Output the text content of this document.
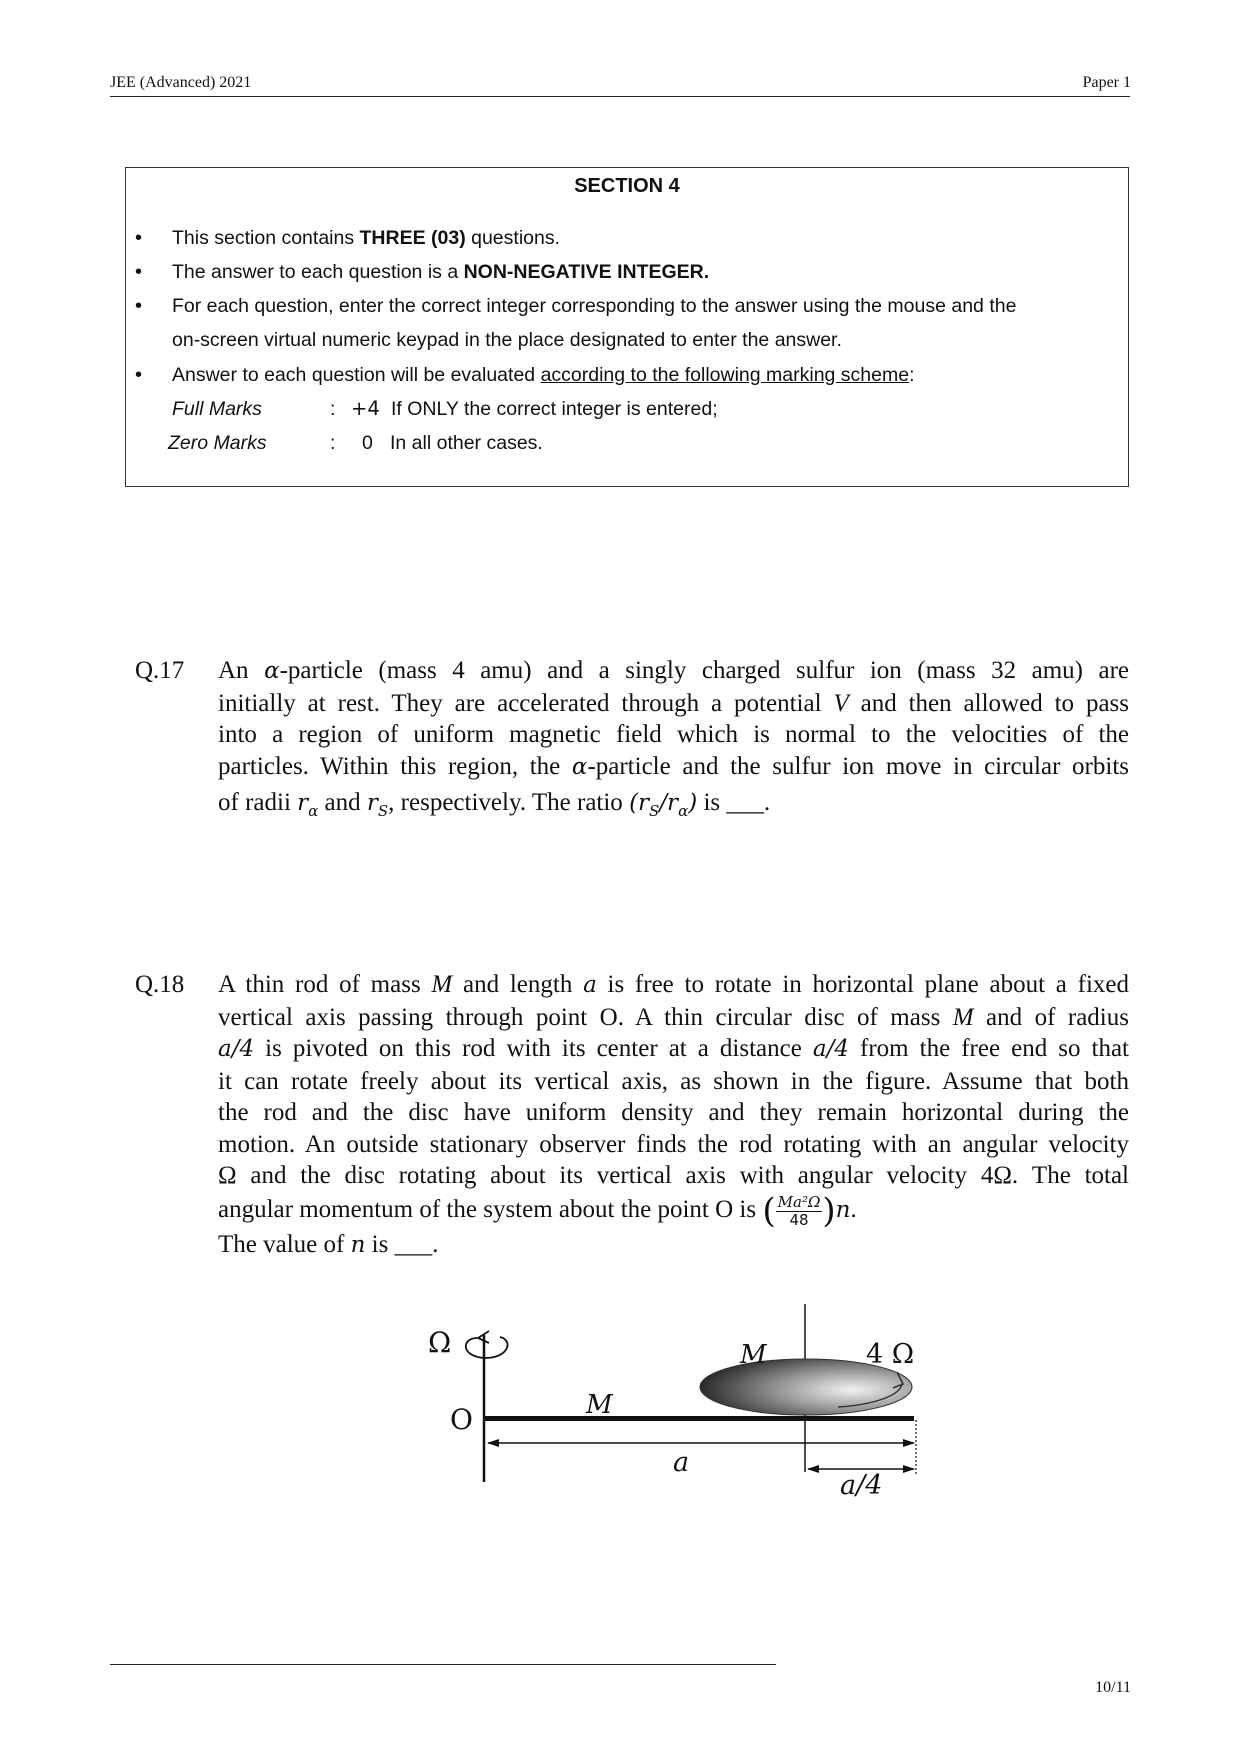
JEE (Advanced) 2021	Paper 1
SECTION 4
• This section contains THREE (03) questions.
• The answer to each question is a NON-NEGATIVE INTEGER.
• For each question, enter the correct integer corresponding to the answer using the mouse and the
on-screen virtual numeric keypad in the place designated to enter the answer.
• Answer to each question will be evaluated according to the following marking scheme:
Full Marks	: +4 If ONLY the correct integer is entered;
Zero Marks	: 0 In all other cases.
Q.17 An α-particle (mass 4 amu) and a singly charged sulfur ion (mass 32 amu) are

initially at rest. They are accelerated through a potential V and then allowed to pass

into a region of uniform magnetic field which is normal to the velocities of the

particles. Within this region, the α-particle and the sulfur ion move in circular orbits

of radii $r_\alpha$ and $r_S$, respectively. The ratio $(r_S/r_\alpha)$ is ___.

Q.18 A thin rod of mass M and length a is free to rotate in horizontal plane about a fixed

vertical axis passing through point O. A thin circular disc of mass M and of radius

a/4 is pivoted on this rod with its center at a distance a/4 from the free end so that

it can rotate freely about its vertical axis, as shown in the figure. Assume that both

the rod and the disc have uniform density and they remain horizontal during the

motion. An outside stationary observer finds the rod rotating with an angular velocity

Ω and the disc rotating about its vertical axis with angular velocity 4Ω. The total

angular momentum of the system about the point O is ( $\frac{\text{Ma²Ω}}{48} )n$.

The value of n is ___.

Ω
O	M
M	4 Ω
a
a/4
10/11
